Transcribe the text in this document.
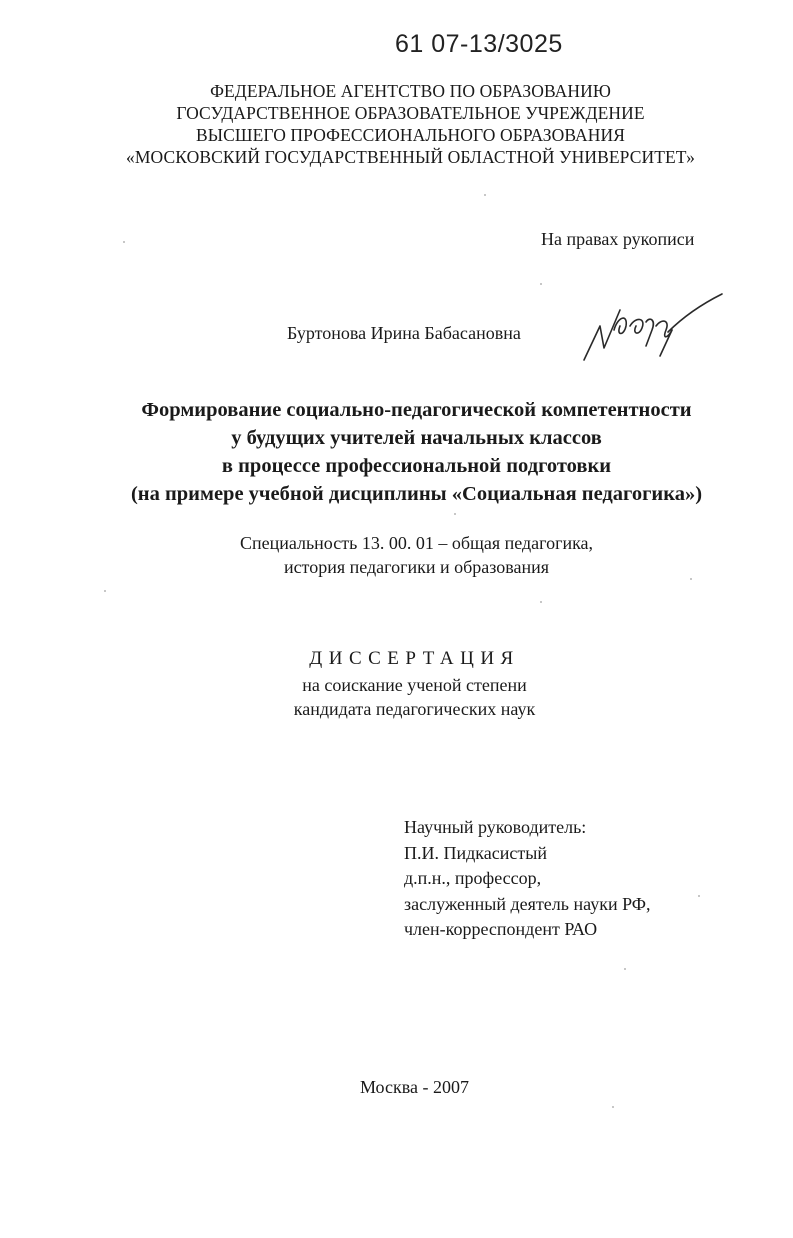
61 07-13/3025
ФЕДЕРАЛЬНОЕ АГЕНТСТВО ПО ОБРАЗОВАНИЮ
ГОСУДАРСТВЕННОЕ ОБРАЗОВАТЕЛЬНОЕ УЧРЕЖДЕНИЕ
ВЫСШЕГО ПРОФЕССИОНАЛЬНОГО ОБРАЗОВАНИЯ
«МОСКОВСКИЙ ГОСУДАРСТВЕННЫЙ ОБЛАСТНОЙ УНИВЕРСИТЕТ»
На правах рукописи
Буртонова Ирина Бабасановна
Формирование социально-педагогической компетентности
у будущих учителей начальных классов
в процессе профессиональной подготовки
(на примере учебной дисциплины «Социальная педагогика»)
Специальность 13. 00. 01 – общая педагогика,
история педагогики и образования
ДИССЕРТАЦИЯ
на соискание ученой степени
кандидата педагогических наук
Научный руководитель:
П.И. Пидкасистый
д.п.н., профессор,
заслуженный деятель науки РФ,
член-корреспондент РАО
Москва - 2007
